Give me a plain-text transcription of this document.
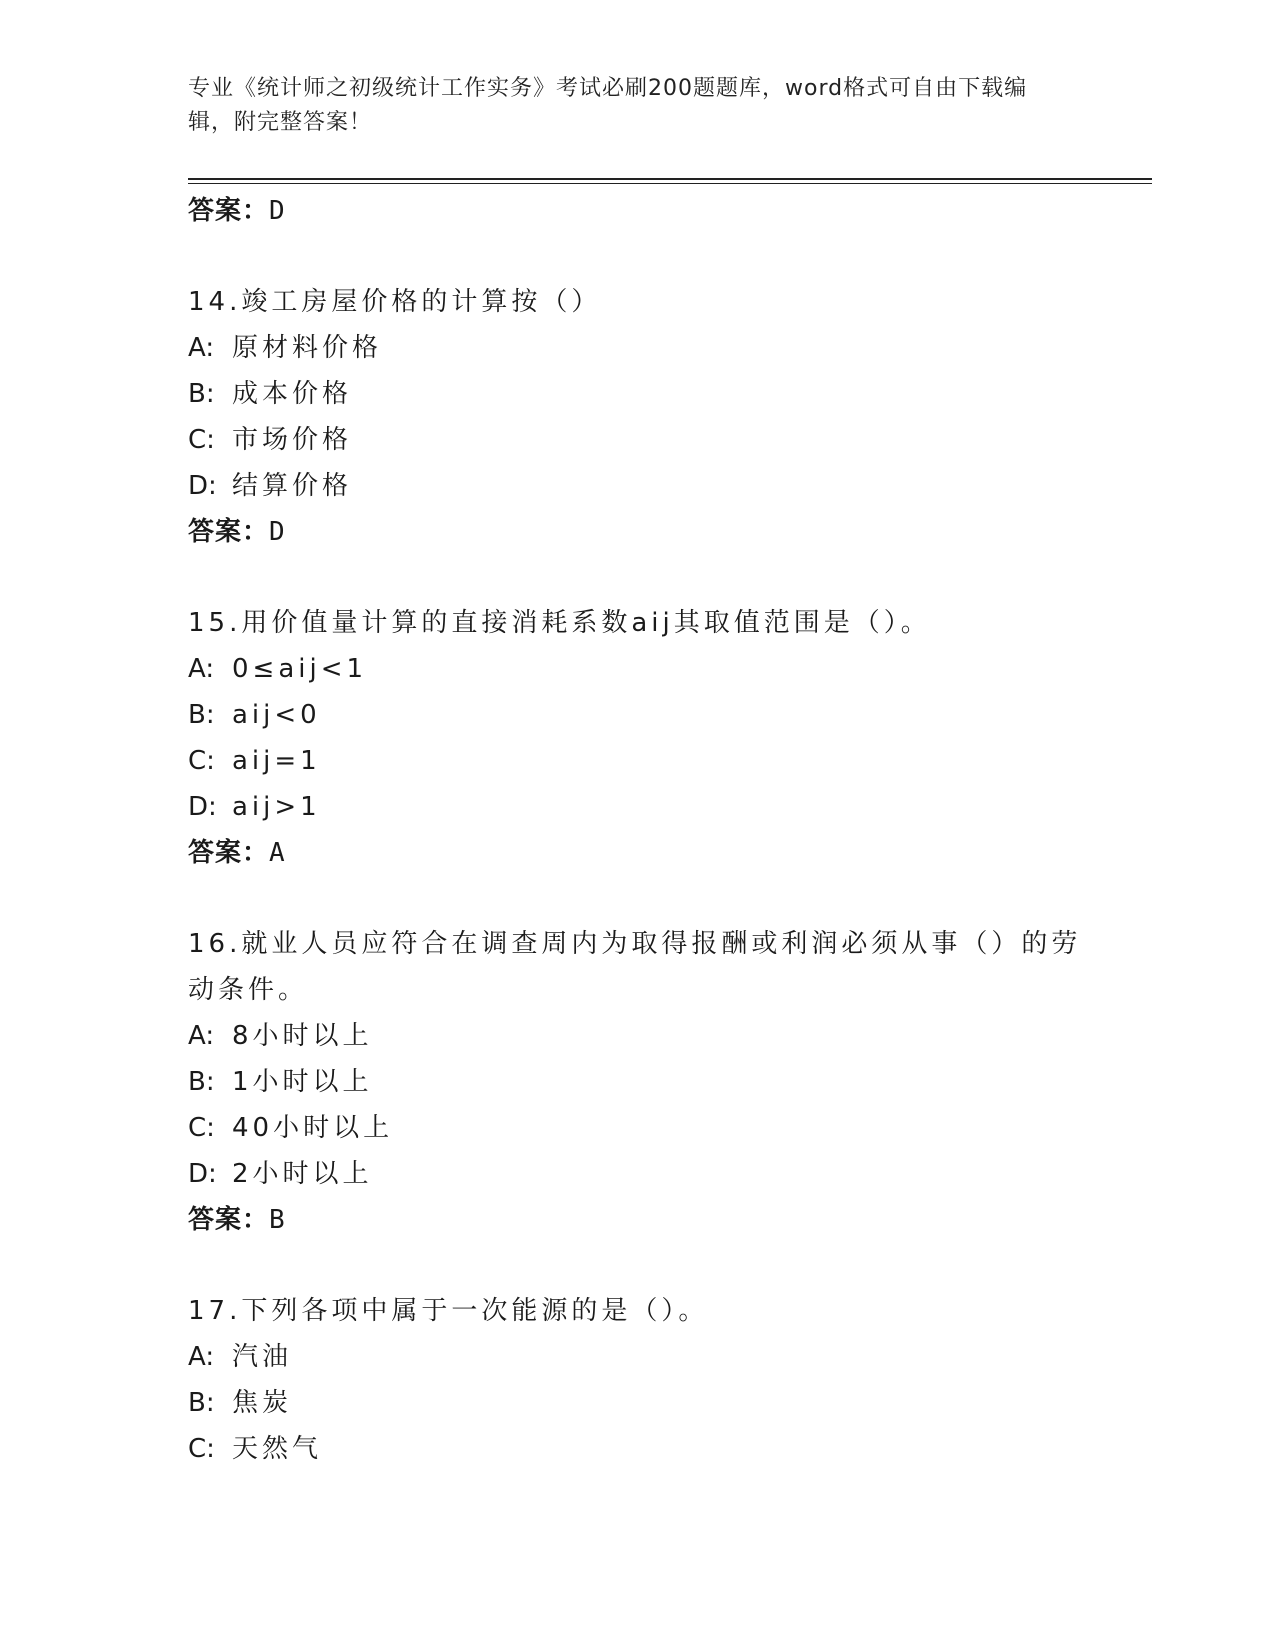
专业《统计师之初级统计工作实务》考试必刷200题题库，word格式可自由下载编辑，附完整答案！
答案：D
14.竣工房屋价格的计算按（）
A: 原材料价格
B: 成本价格
C: 市场价格
D: 结算价格
答案：D
15.用价值量计算的直接消耗系数aij其取值范围是（）。
A: 0≤aij<1
B: aij<0
C: aij=1
D: aij>1
答案：A
16.就业人员应符合在调查周内为取得报酬或利润必须从事（）的劳动条件。
A: 8小时以上
B: 1小时以上
C: 40小时以上
D: 2小时以上
答案：B
17.下列各项中属于一次能源的是（）。
A: 汽油
B: 焦炭
C: 天然气
